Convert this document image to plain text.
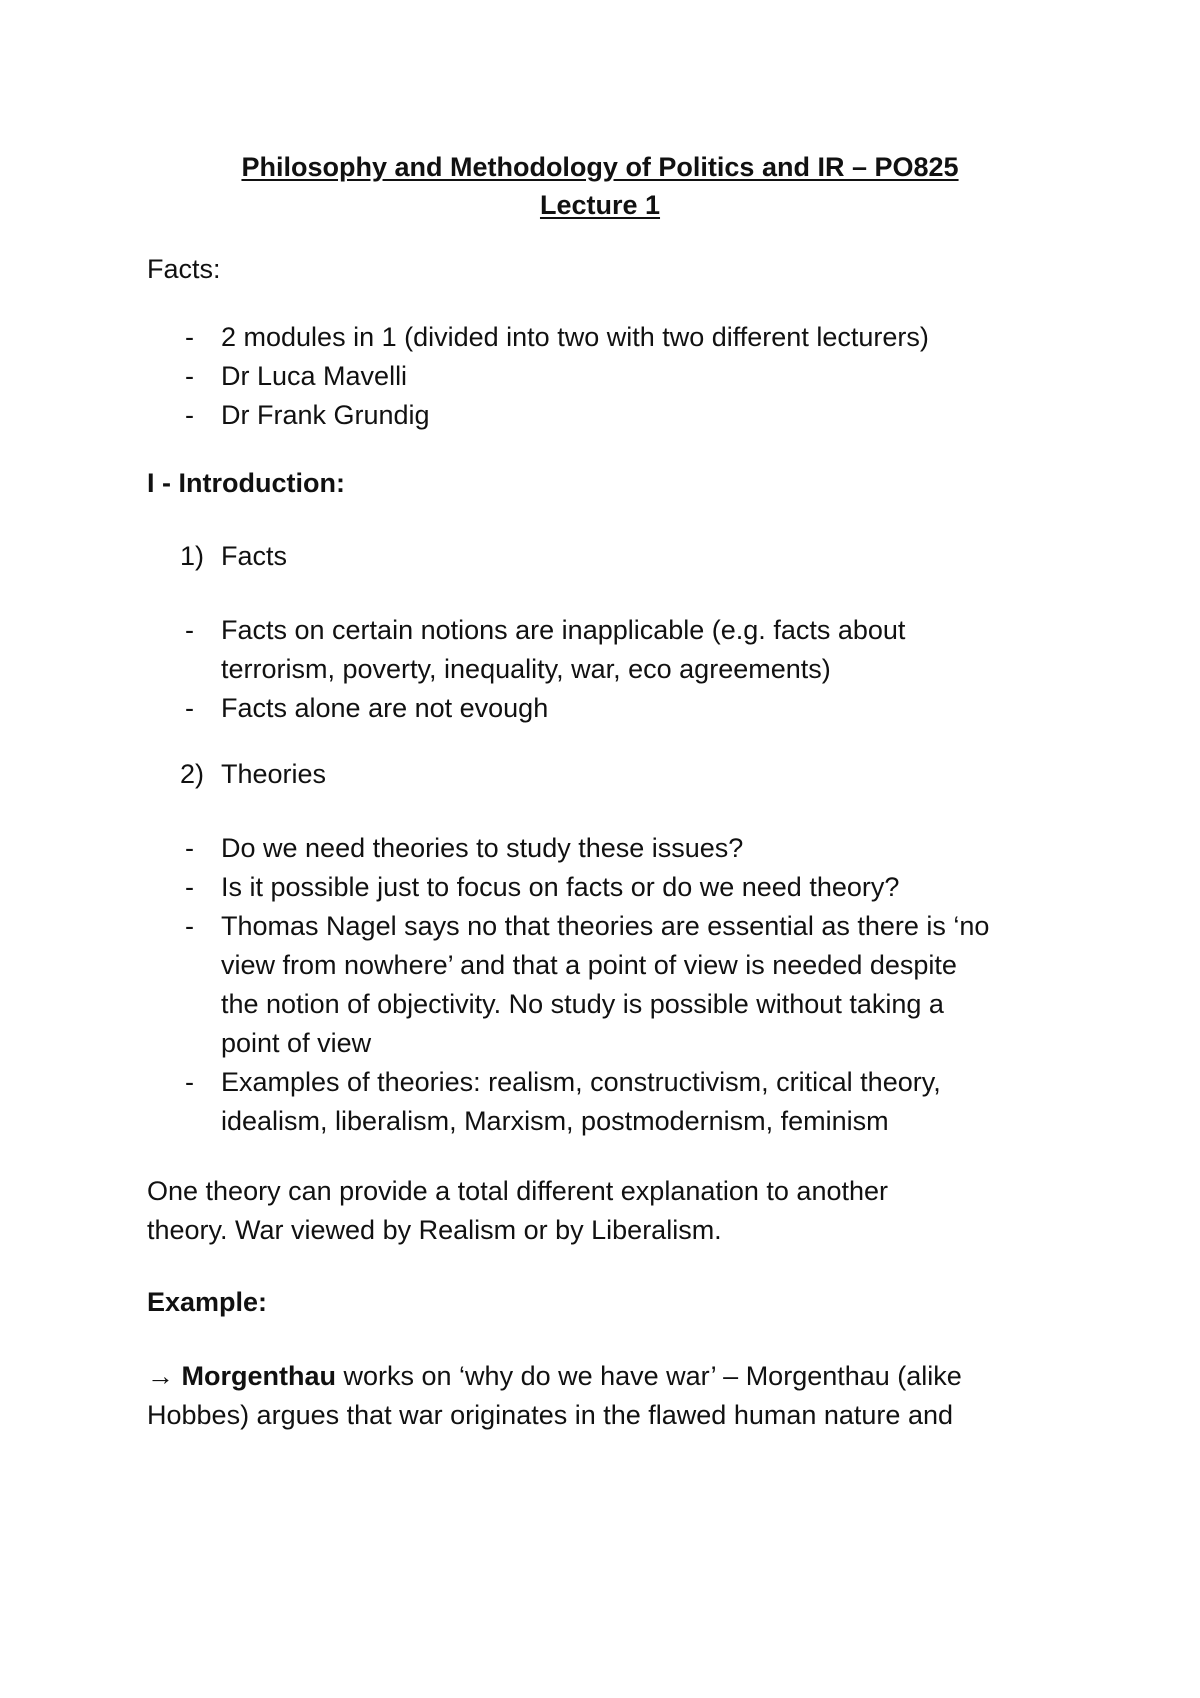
Philosophy and Methodology of Politics and IR – PO825
Lecture 1
Facts:
- 2 modules in 1 (divided into two with two different lecturers)
- Dr Luca Mavelli
- Dr Frank Grundig
I - Introduction:
1) Facts
- Facts on certain notions are inapplicable (e.g. facts about
terrorism, poverty, inequality, war, eco agreements)
- Facts alone are not evough
2) Theories
- Do we need theories to study these issues?
- Is it possible just to focus on facts or do we need theory?
- Thomas Nagel says no that theories are essential as there is ‘no
view from nowhere’ and that a point of view is needed despite
the notion of objectivity. No study is possible without taking a
point of view
- Examples of theories: realism, constructivism, critical theory,
idealism, liberalism, Marxism, postmodernism, feminism
One theory can provide a total different explanation to another
theory. War viewed by Realism or by Liberalism.
Example:
→ Morgenthau works on ‘why do we have war’ – Morgenthau (alike
Hobbes) argues that war originates in the flawed human nature and
